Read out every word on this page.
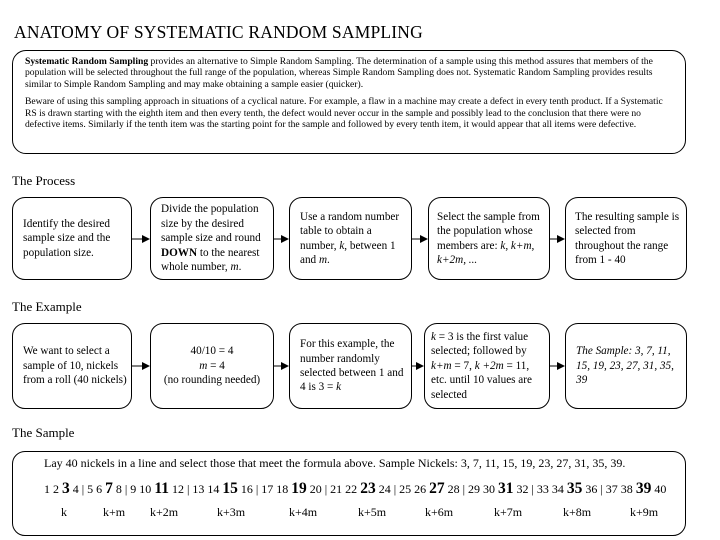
ANATOMY OF SYSTEMATIC RANDOM SAMPLING

Systematic Random Sampling provides an alternative to Simple Random Sampling. The determination of a sample using this method assures that members of the population will be selected throughout the full range of the population, whereas Simple Random Sampling does not. Systematic Random Sampling provides results similar to Simple Random Sampling and may make obtaining a sample easier (quicker).

Beware of using this sampling approach in situations of a cyclical nature. For example, a flaw in a machine may create a defect in every tenth product. If a Systematic RS is drawn starting with the eighth item and then every tenth, the defect would never occur in the sample and possibly lead to the conclusion that there were no defective items. Similarly if the tenth item was the starting point for the sample and followed by every tenth item, it would appear that all items were defective.

The Process
Identify the desired sample size and the population size.
Divide the population size by the desired sample size and round DOWN to the nearest whole number, m.
Use a random number table to obtain a number, k, between 1 and m.
Select the sample from the population whose members are: k, k+m, k+2m, ...
The resulting sample is selected from throughout the range from 1 - 40
The Example
We want to select a sample of 10, nickels from a roll (40 nickels)
40/10 = 4
m = 4
(no rounding needed)
For this example, the number randomly selected between 1 and 4 is 3 = k
k = 3 is the first value selected; followed by k+m = 7, k +2m = 11, etc. until 10 values are selected
The Sample: 3, 7, 11, 15, 19, 23, 27, 31, 35, 39
The Sample
Lay 40 nickels in a line and select those that meet the formula above. Sample Nickels: 3, 7, 11, 15, 19, 23, 27, 31, 35, 39.
1 2 3 4 | 5 6 7 8 | 9 10 11 12 | 13 14 15 16 | 17 18 19 20 | 21 22 23 24 | 25 26 27 28 | 29 30 31 32 | 33 34 35 36 | 37 38 39 40
k	k+m k+2m	k+3m	k+4m	k+5m	k+6m	k+7m	k+8m	k+9m
